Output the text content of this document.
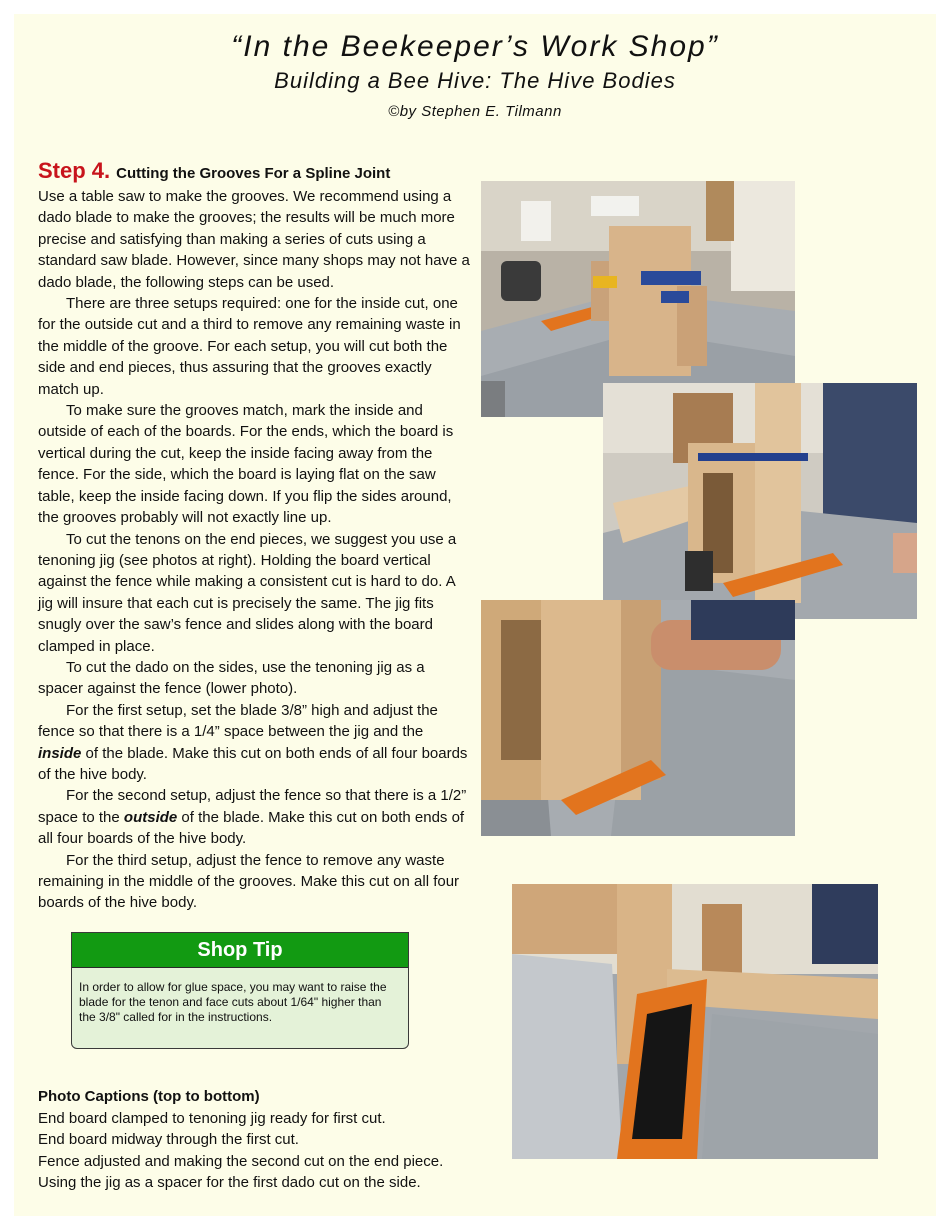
“In the Beekeeper’s Work Shop”
Building a Bee Hive: The Hive Bodies
©by Stephen E. Tilmann
Step 4. Cutting the Grooves For a Spline Joint

Use a table saw to make the grooves. We recommend using a dado blade to make the grooves; the results will be much more precise and satisfying than making a series of cuts using a standard saw blade. However, since many shops may not have a dado blade, the following steps can be used.

There are three setups required: one for the inside cut, one for the outside cut and a third to remove any remaining waste in the middle of the groove. For each setup, you will cut both the side and end pieces, thus assuring that the grooves exactly match up.

To make sure the grooves match, mark the inside and outside of each of the boards. For the ends, which the board is vertical during the cut, keep the inside facing away from the fence. For the side, which the board is laying flat on the saw table, keep the inside facing down. If you flip the sides around, the grooves probably will not exactly line up.

To cut the tenons on the end pieces, we suggest you use a tenoning jig (see photos at right). Holding the board vertical against the fence while making a consistent cut is hard to do. A jig will insure that each cut is precisely the same. The jig fits snugly over the saw’s fence and slides along with the board clamped in place.

To cut the dado on the sides, use the tenoning jig as a spacer against the fence (lower photo).

For the first setup, set the blade 3/8” high and adjust the fence so that there is a 1/4” space between the jig and the inside of the blade. Make this cut on both ends of all four boards of the hive body.

For the second setup, adjust the fence so that there is a 1/2” space to the outside of the blade. Make this cut on both ends of all four boards of the hive body.

For the third setup, adjust the fence to remove any waste remaining in the middle of the grooves. Make this cut on all four boards of the hive body.

Shop Tip
In order to allow for glue space, you may want to raise the blade for the tenon and face cuts about 1/64" higher than the 3/8" called for in the instructions.
Photo Captions (top to bottom)
End board clamped to tenoning jig ready for first cut.
End board midway through the first cut.
Fence adjusted and making the second cut on the end piece.
Using the jig as a spacer for the first dado cut on the side.
